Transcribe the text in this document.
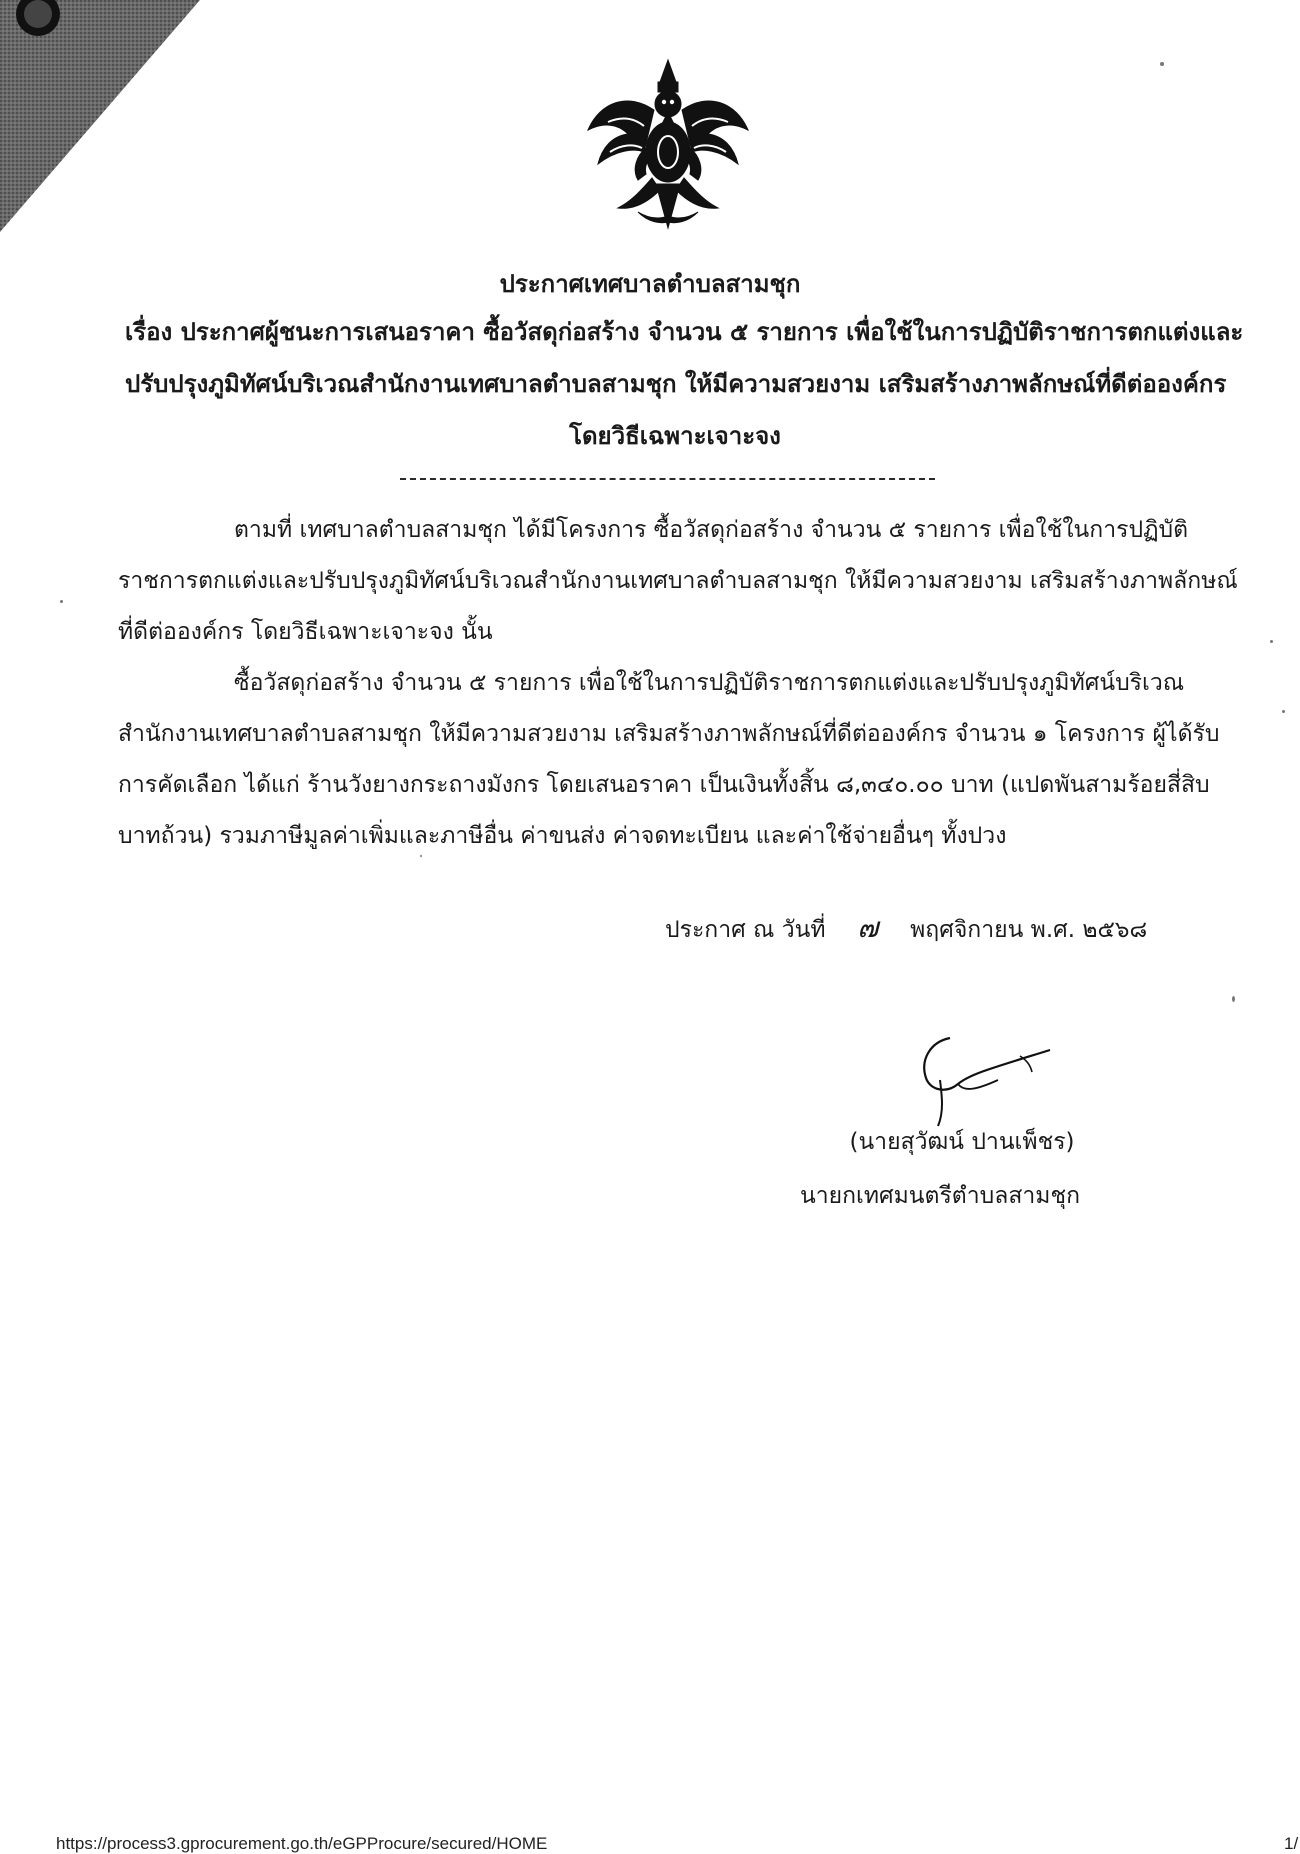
ประกาศเทศบาลตำบลสามชุก
เรื่อง ประกาศผู้ชนะการเสนอราคา ซื้อวัสดุก่อสร้าง จำนวน ๕ รายการ เพื่อใช้ในการปฏิบัติราชการตกแต่งและ
ปรับปรุงภูมิทัศน์บริเวณสำนักงานเทศบาลตำบลสามชุก ให้มีความสวยงาม เสริมสร้างภาพลักษณ์ที่ดีต่อองค์กร
โดยวิธีเฉพาะเจาะจง
ตามที่ เทศบาลตำบลสามชุก ได้มีโครงการ ซื้อวัสดุก่อสร้าง จำนวน ๕ รายการ เพื่อใช้ในการปฏิบัติ
ราชการตกแต่งและปรับปรุงภูมิทัศน์บริเวณสำนักงานเทศบาลตำบลสามชุก ให้มีความสวยงาม เสริมสร้างภาพลักษณ์
ที่ดีต่อองค์กร โดยวิธีเฉพาะเจาะจง นั้น
ซื้อวัสดุก่อสร้าง จำนวน ๕ รายการ เพื่อใช้ในการปฏิบัติราชการตกแต่งและปรับปรุงภูมิทัศน์บริเวณ
สำนักงานเทศบาลตำบลสามชุก ให้มีความสวยงาม เสริมสร้างภาพลักษณ์ที่ดีต่อองค์กร จำนวน ๑ โครงการ ผู้ได้รับ
การคัดเลือก ได้แก่ ร้านวังยางกระถางมังกร โดยเสนอราคา เป็นเงินทั้งสิ้น ๘,๓๔๐.๐๐ บาท (แปดพันสามร้อยสี่สิบ
บาทถ้วน) รวมภาษีมูลค่าเพิ่มและภาษีอื่น ค่าขนส่ง ค่าจดทะเบียน และค่าใช้จ่ายอื่นๆ ทั้งปวง
ประกาศ ณ วันที่ ๗ พฤศจิกายน พ.ศ. ๒๕๖๘
(นายสุวัฒน์ ปานเพ็ชร)
นายกเทศมนตรีตำบลสามชุก
https://process3.gprocurement.go.th/eGPProcure/secured/HOME	1/
